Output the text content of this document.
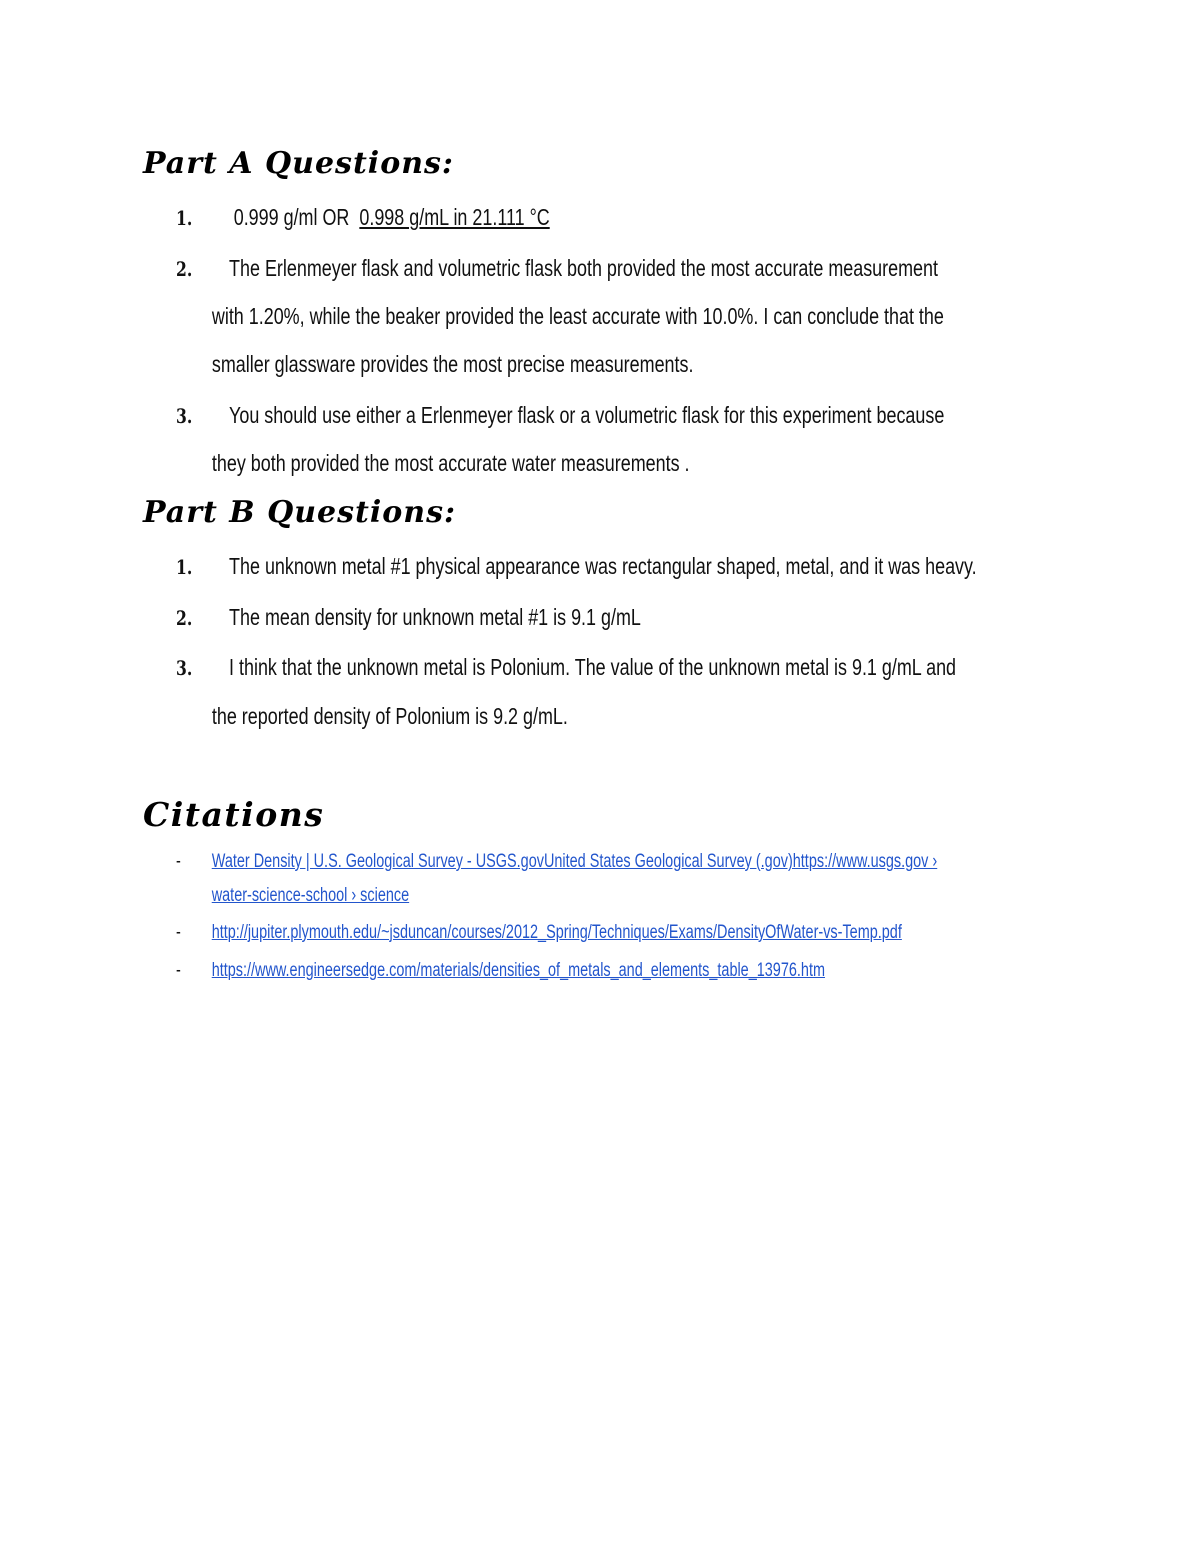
Part A Questions:

1. 0.999 g/ml OR 0.998 g/mL in 21.111 °C

2. The Erlenmeyer flask and volumetric flask both provided the most accurate measurement

with 1.20%, while the beaker provided the least accurate with 10.0%. I can conclude that the

smaller glassware provides the most precise measurements.

3. You should use either a Erlenmeyer flask or a volumetric flask for this experiment because

they both provided the most accurate water measurements .

Part B Questions:

1. The unknown metal #1 physical appearance was rectangular shaped, metal, and it was heavy.

2. The mean density for unknown metal #1 is 9.1 g/mL

3. I think that the unknown metal is Polonium. The value of the unknown metal is 9.1 g/mL and

the reported density of Polonium is 9.2 g/mL.

Citations

- Water Density | U.S. Geological Survey - USGS.govUnited States Geological Survey (.gov)https://www.usgs.gov ›

water-science-school › science

- http://jupiter.plymouth.edu/~jsduncan/courses/2012_Spring/Techniques/Exams/DensityOfWater-vs-Temp.pdf

- https://www.engineersedge.com/materials/densities_of_metals_and_elements_table_13976.htm
